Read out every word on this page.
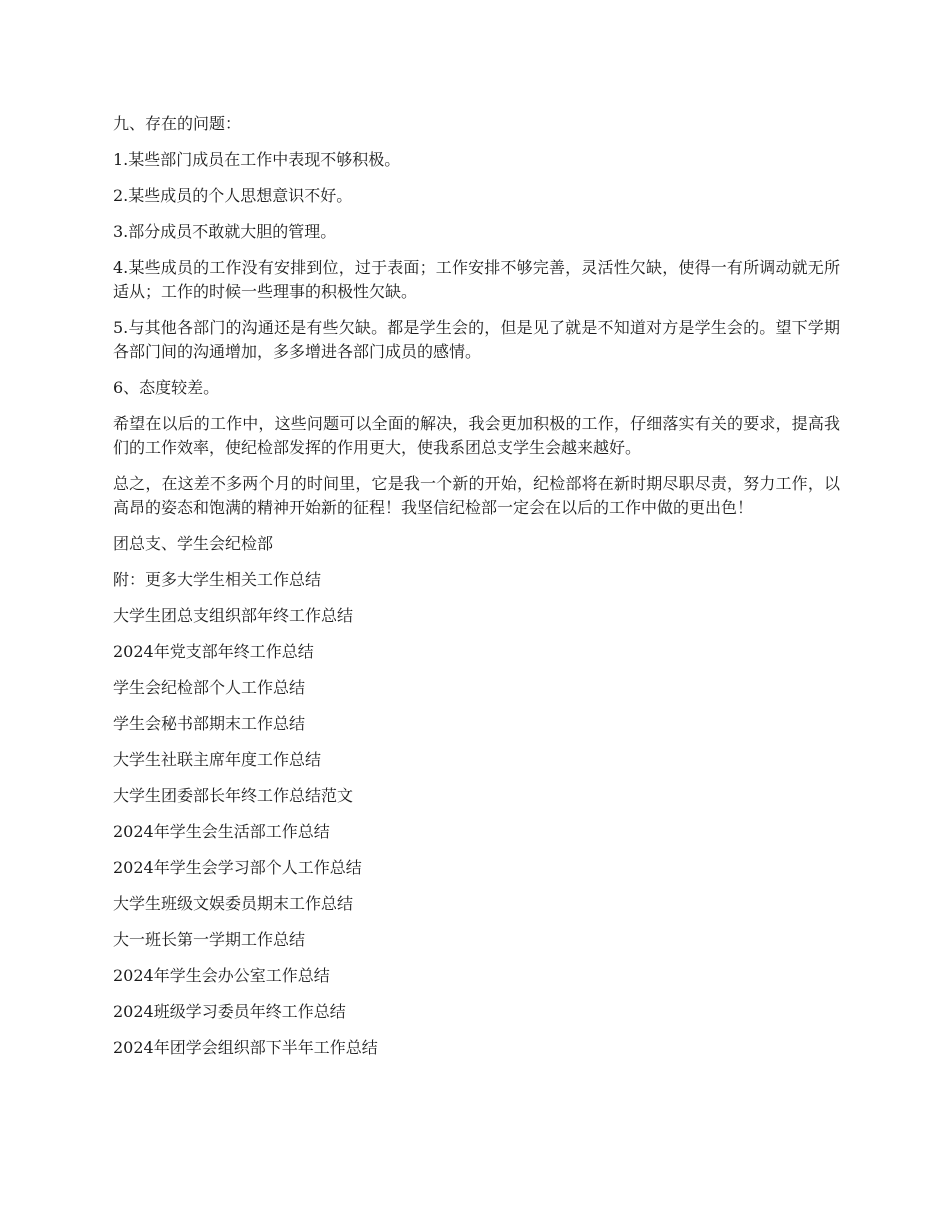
九、存在的问题：

1.某些部门成员在工作中表现不够积极。

2.某些成员的个人思想意识不好。

3.部分成员不敢就大胆的管理。

4.某些成员的工作没有安排到位，过于表面；工作安排不够完善，灵活性欠缺，使得一有所调动就无所适从；工作的时候一些理事的积极性欠缺。

5.与其他各部门的沟通还是有些欠缺。都是学生会的，但是见了就是不知道对方是学生会的。望下学期各部门间的沟通增加，多多增进各部门成员的感情。

6、态度较差。

希望在以后的工作中，这些问题可以全面的解决，我会更加积极的工作，仔细落实有关的要求，提高我们的工作效率，使纪检部发挥的作用更大，使我系团总支学生会越来越好。

总之，在这差不多两个月的时间里，它是我一个新的开始，纪检部将在新时期尽职尽责，努力工作，以高昂的姿态和饱满的精神开始新的征程！我坚信纪检部一定会在以后的工作中做的更出色！

团总支、学生会纪检部

附：更多大学生相关工作总结

大学生团总支组织部年终工作总结

2024年党支部年终工作总结

学生会纪检部个人工作总结

学生会秘书部期末工作总结

大学生社联主席年度工作总结

大学生团委部长年终工作总结范文

2024年学生会生活部工作总结

2024年学生会学习部个人工作总结

大学生班级文娱委员期末工作总结

大一班长第一学期工作总结

2024年学生会办公室工作总结

2024班级学习委员年终工作总结

2024年团学会组织部下半年工作总结
